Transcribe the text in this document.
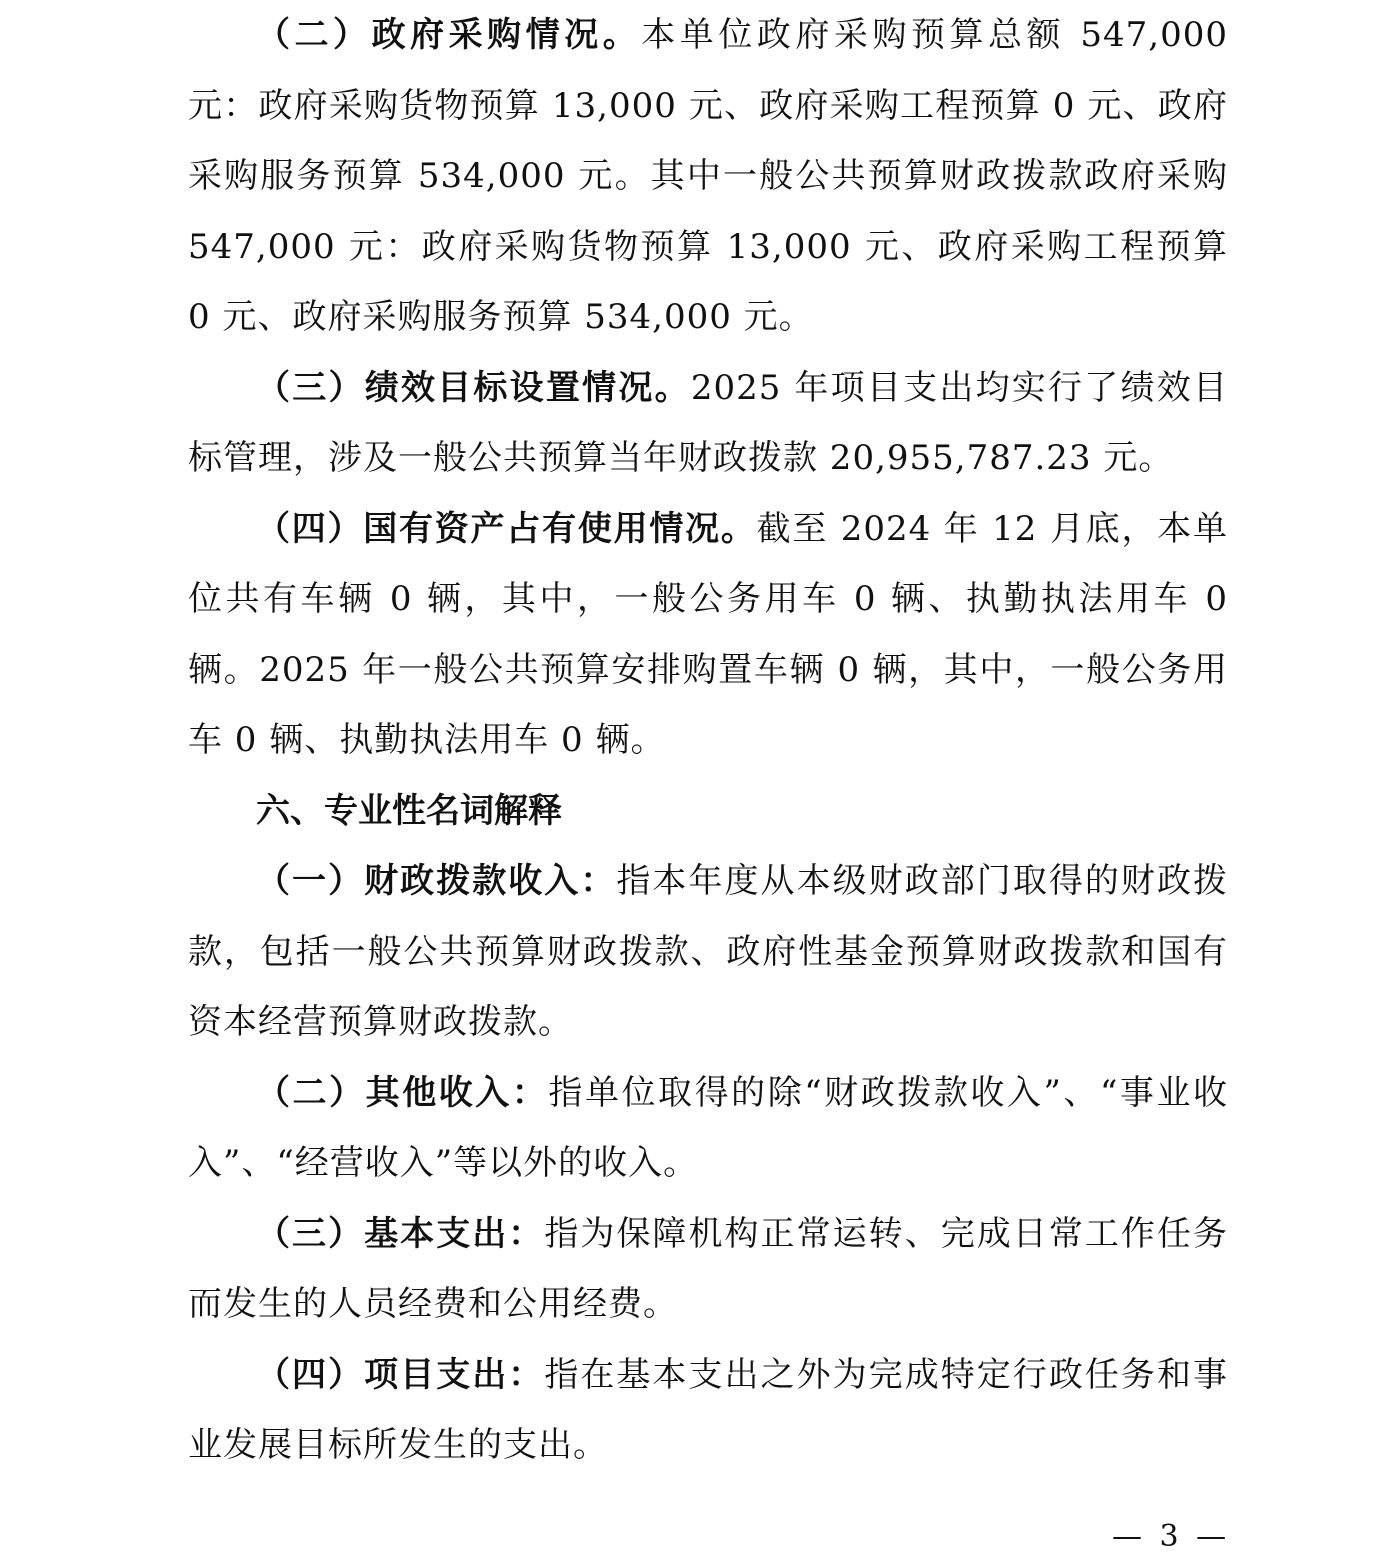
（二）政府采购情况。本单位政府采购预算总额 547,000 元：政府采购货物预算 13,000 元、政府采购工程预算 0 元、政府采购服务预算 534,000 元。其中一般公共预算财政拨款政府采购 547,000 元：政府采购货物预算 13,000 元、政府采购工程预算 0 元、政府采购服务预算 534,000 元。

（三）绩效目标设置情况。2025 年项目支出均实行了绩效目标管理，涉及一般公共预算当年财政拨款 20,955,787.23 元。

（四）国有资产占有使用情况。截至 2024 年 12 月底，本单位共有车辆 0 辆，其中，一般公务用车 0 辆、执勤执法用车 0 辆。2025 年一般公共预算安排购置车辆 0 辆，其中，一般公务用车 0 辆、执勤执法用车 0 辆。

六、专业性名词解释

（一）财政拨款收入：指本年度从本级财政部门取得的财政拨款，包括一般公共预算财政拨款、政府性基金预算财政拨款和国有资本经营预算财政拨款。

（二）其他收入：指单位取得的除“财政拨款收入”、“事业收入”、“经营收入”等以外的收入。

（三）基本支出：指为保障机构正常运转、完成日常工作任务而发生的人员经费和公用经费。

（四）项目支出：指在基本支出之外为完成特定行政任务和事业发展目标所发生的支出。

— 3 —
